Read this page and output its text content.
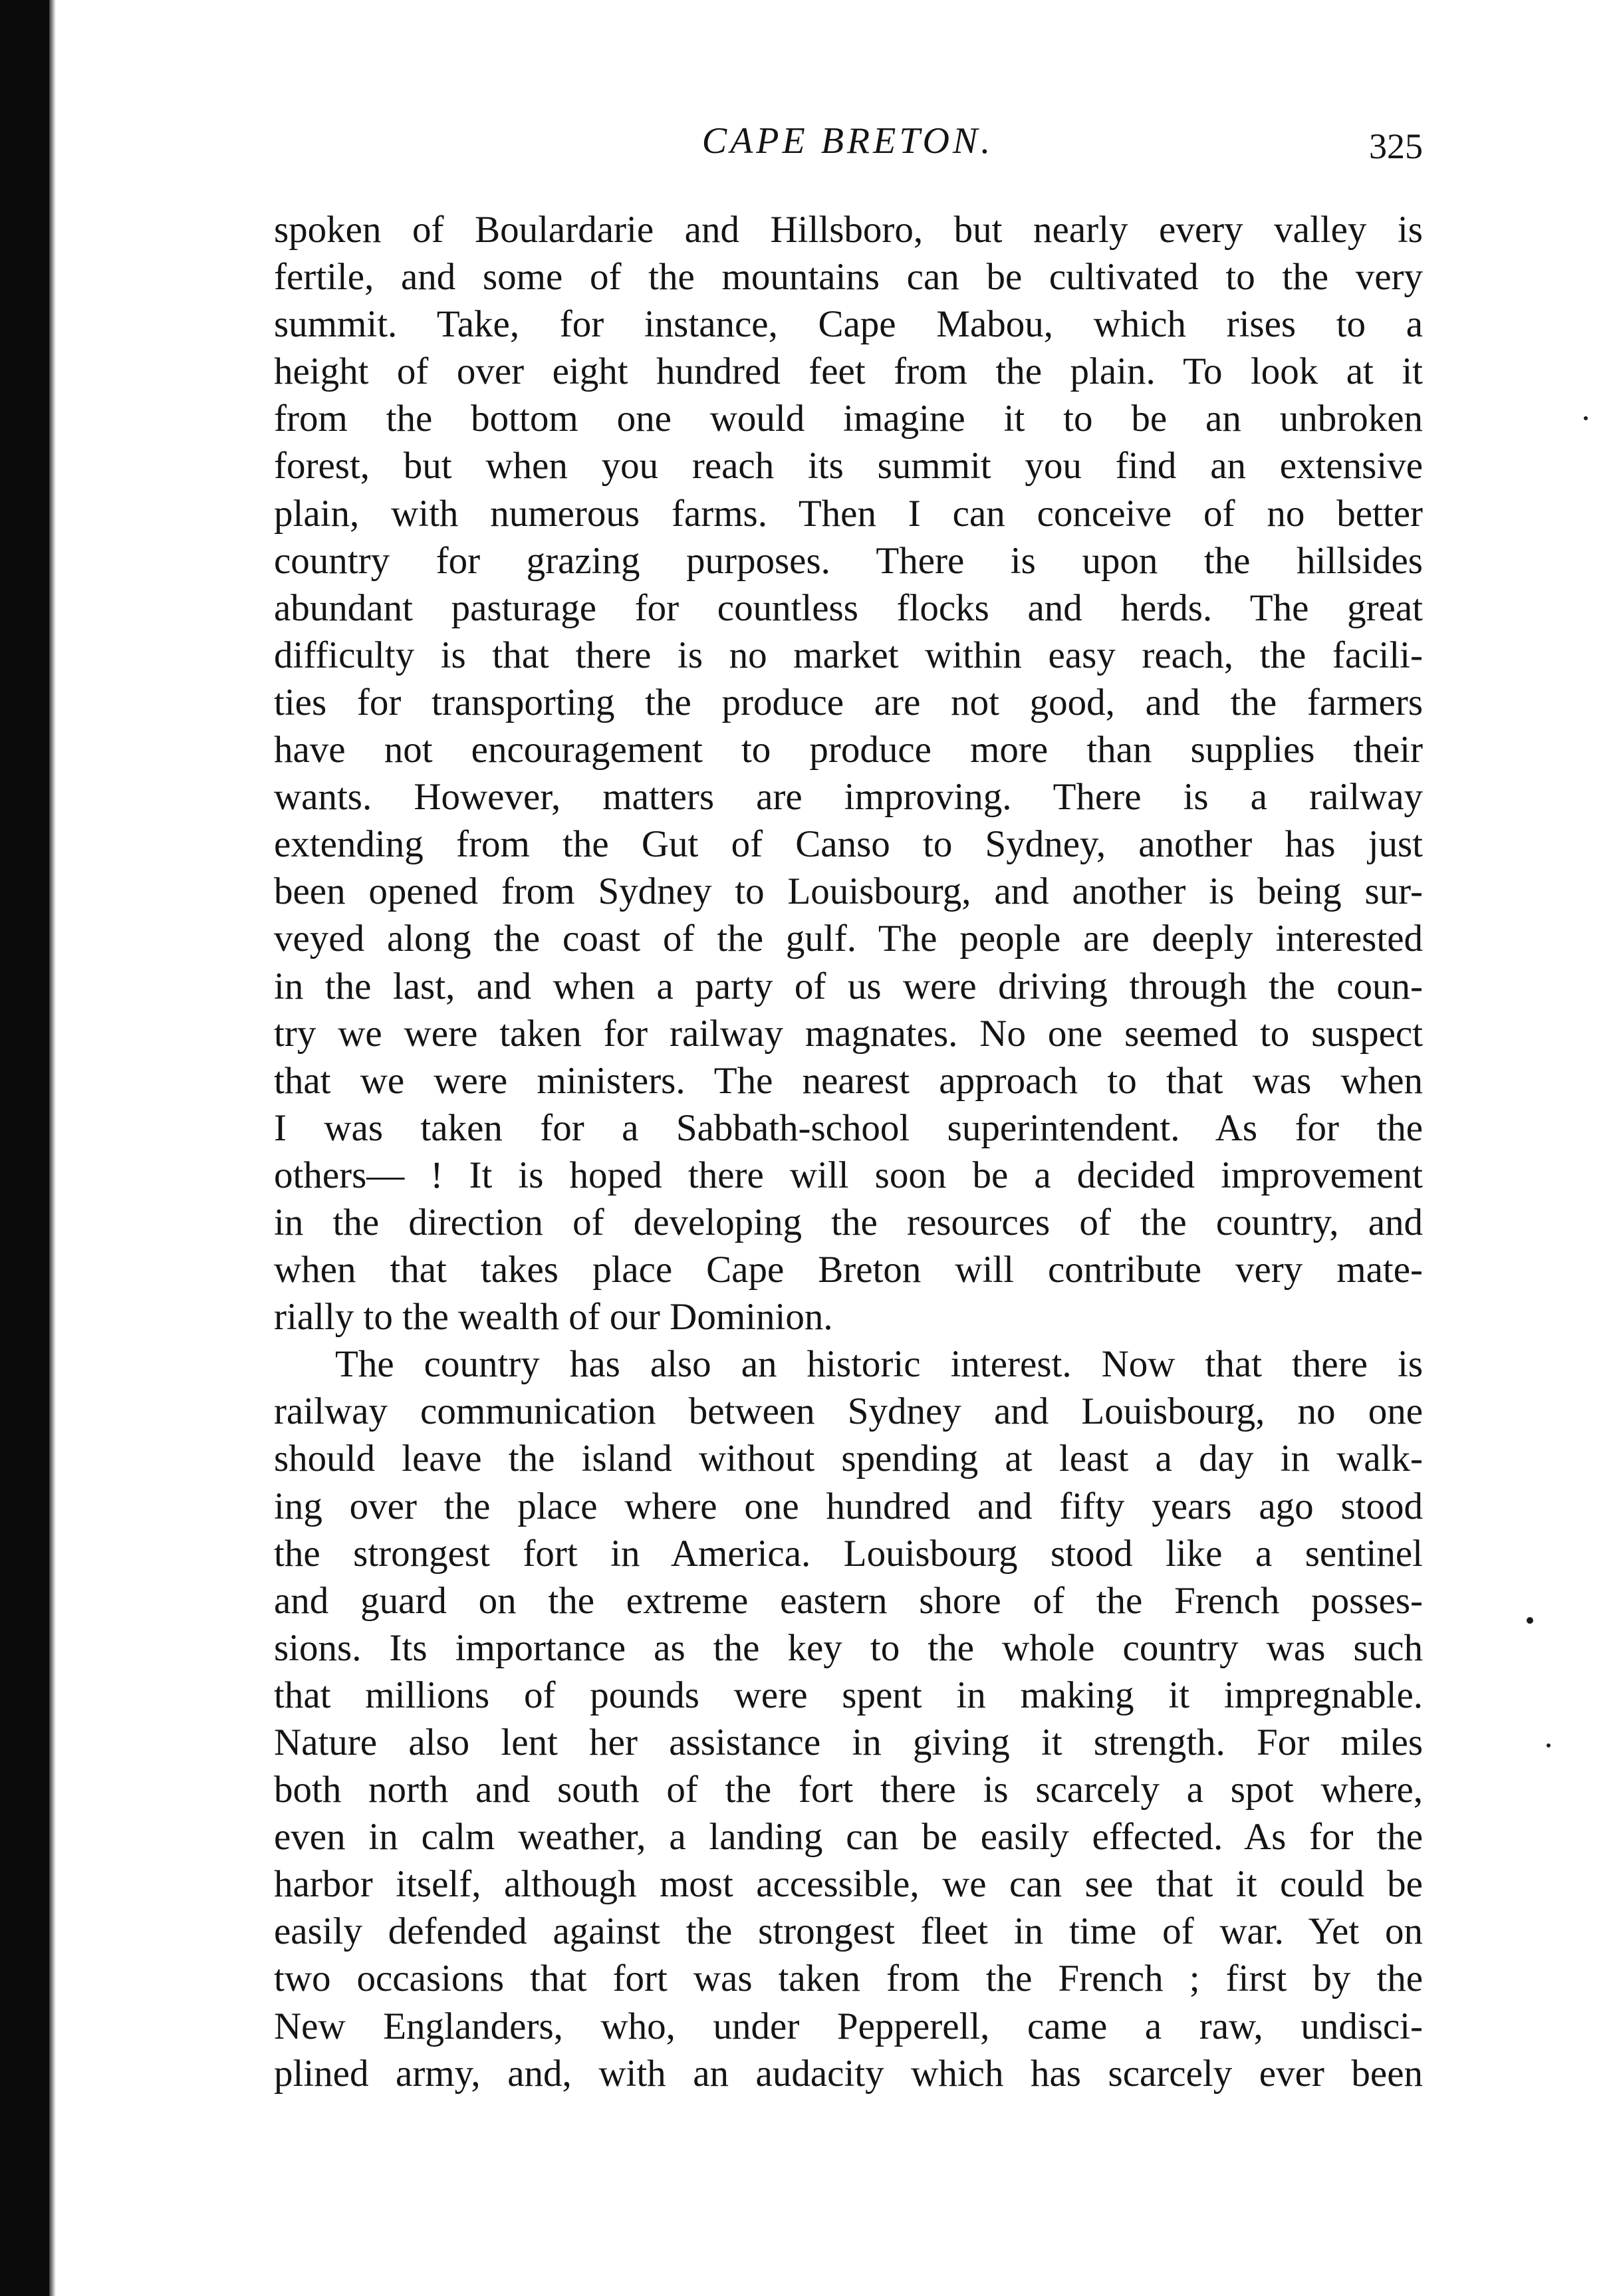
CAPE BRETON.	325
spoken of Boulardarie and Hillsboro, but nearly every valley is
fertile, and some of the mountains can be cultivated to the very
summit. Take, for instance, Cape Mabou, which rises to a
height of over eight hundred feet from the plain. To look at it
from the bottom one would imagine it to be an unbroken
forest, but when you reach its summit you find an extensive
plain, with numerous farms. Then I can conceive of no better
country for grazing purposes. There is upon the hillsides
abundant pasturage for countless flocks and herds. The great
difficulty is that there is no market within easy reach, the facili-
ties for transporting the produce are not good, and the farmers
have not encouragement to produce more than supplies their
wants. However, matters are improving. There is a railway
extending from the Gut of Canso to Sydney, another has just
been opened from Sydney to Louisbourg, and another is being sur-
veyed along the coast of the gulf. The people are deeply interested
in the last, and when a party of us were driving through the coun-
try we were taken for railway magnates. No one seemed to suspect
that we were ministers. The nearest approach to that was when
I was taken for a Sabbath-school superintendent. As for the
others— ! It is hoped there will soon be a decided improvement
in the direction of developing the resources of the country, and
when that takes place Cape Breton will contribute very mate-
rially to the wealth of our Dominion.
The country has also an historic interest. Now that there is
railway communication between Sydney and Louisbourg, no one
should leave the island without spending at least a day in walk-
ing over the place where one hundred and fifty years ago stood
the strongest fort in America. Louisbourg stood like a sentinel
and guard on the extreme eastern shore of the French posses-
sions. Its importance as the key to the whole country was such
that millions of pounds were spent in making it impregnable.
Nature also lent her assistance in giving it strength. For miles
both north and south of the fort there is scarcely a spot where,
even in calm weather, a landing can be easily effected. As for the
harbor itself, although most accessible, we can see that it could be
easily defended against the strongest fleet in time of war. Yet on
two occasions that fort was taken from the French ; first by the
New Englanders, who, under Pepperell, came a raw, undisci-
plined army, and, with an audacity which has scarcely ever been
